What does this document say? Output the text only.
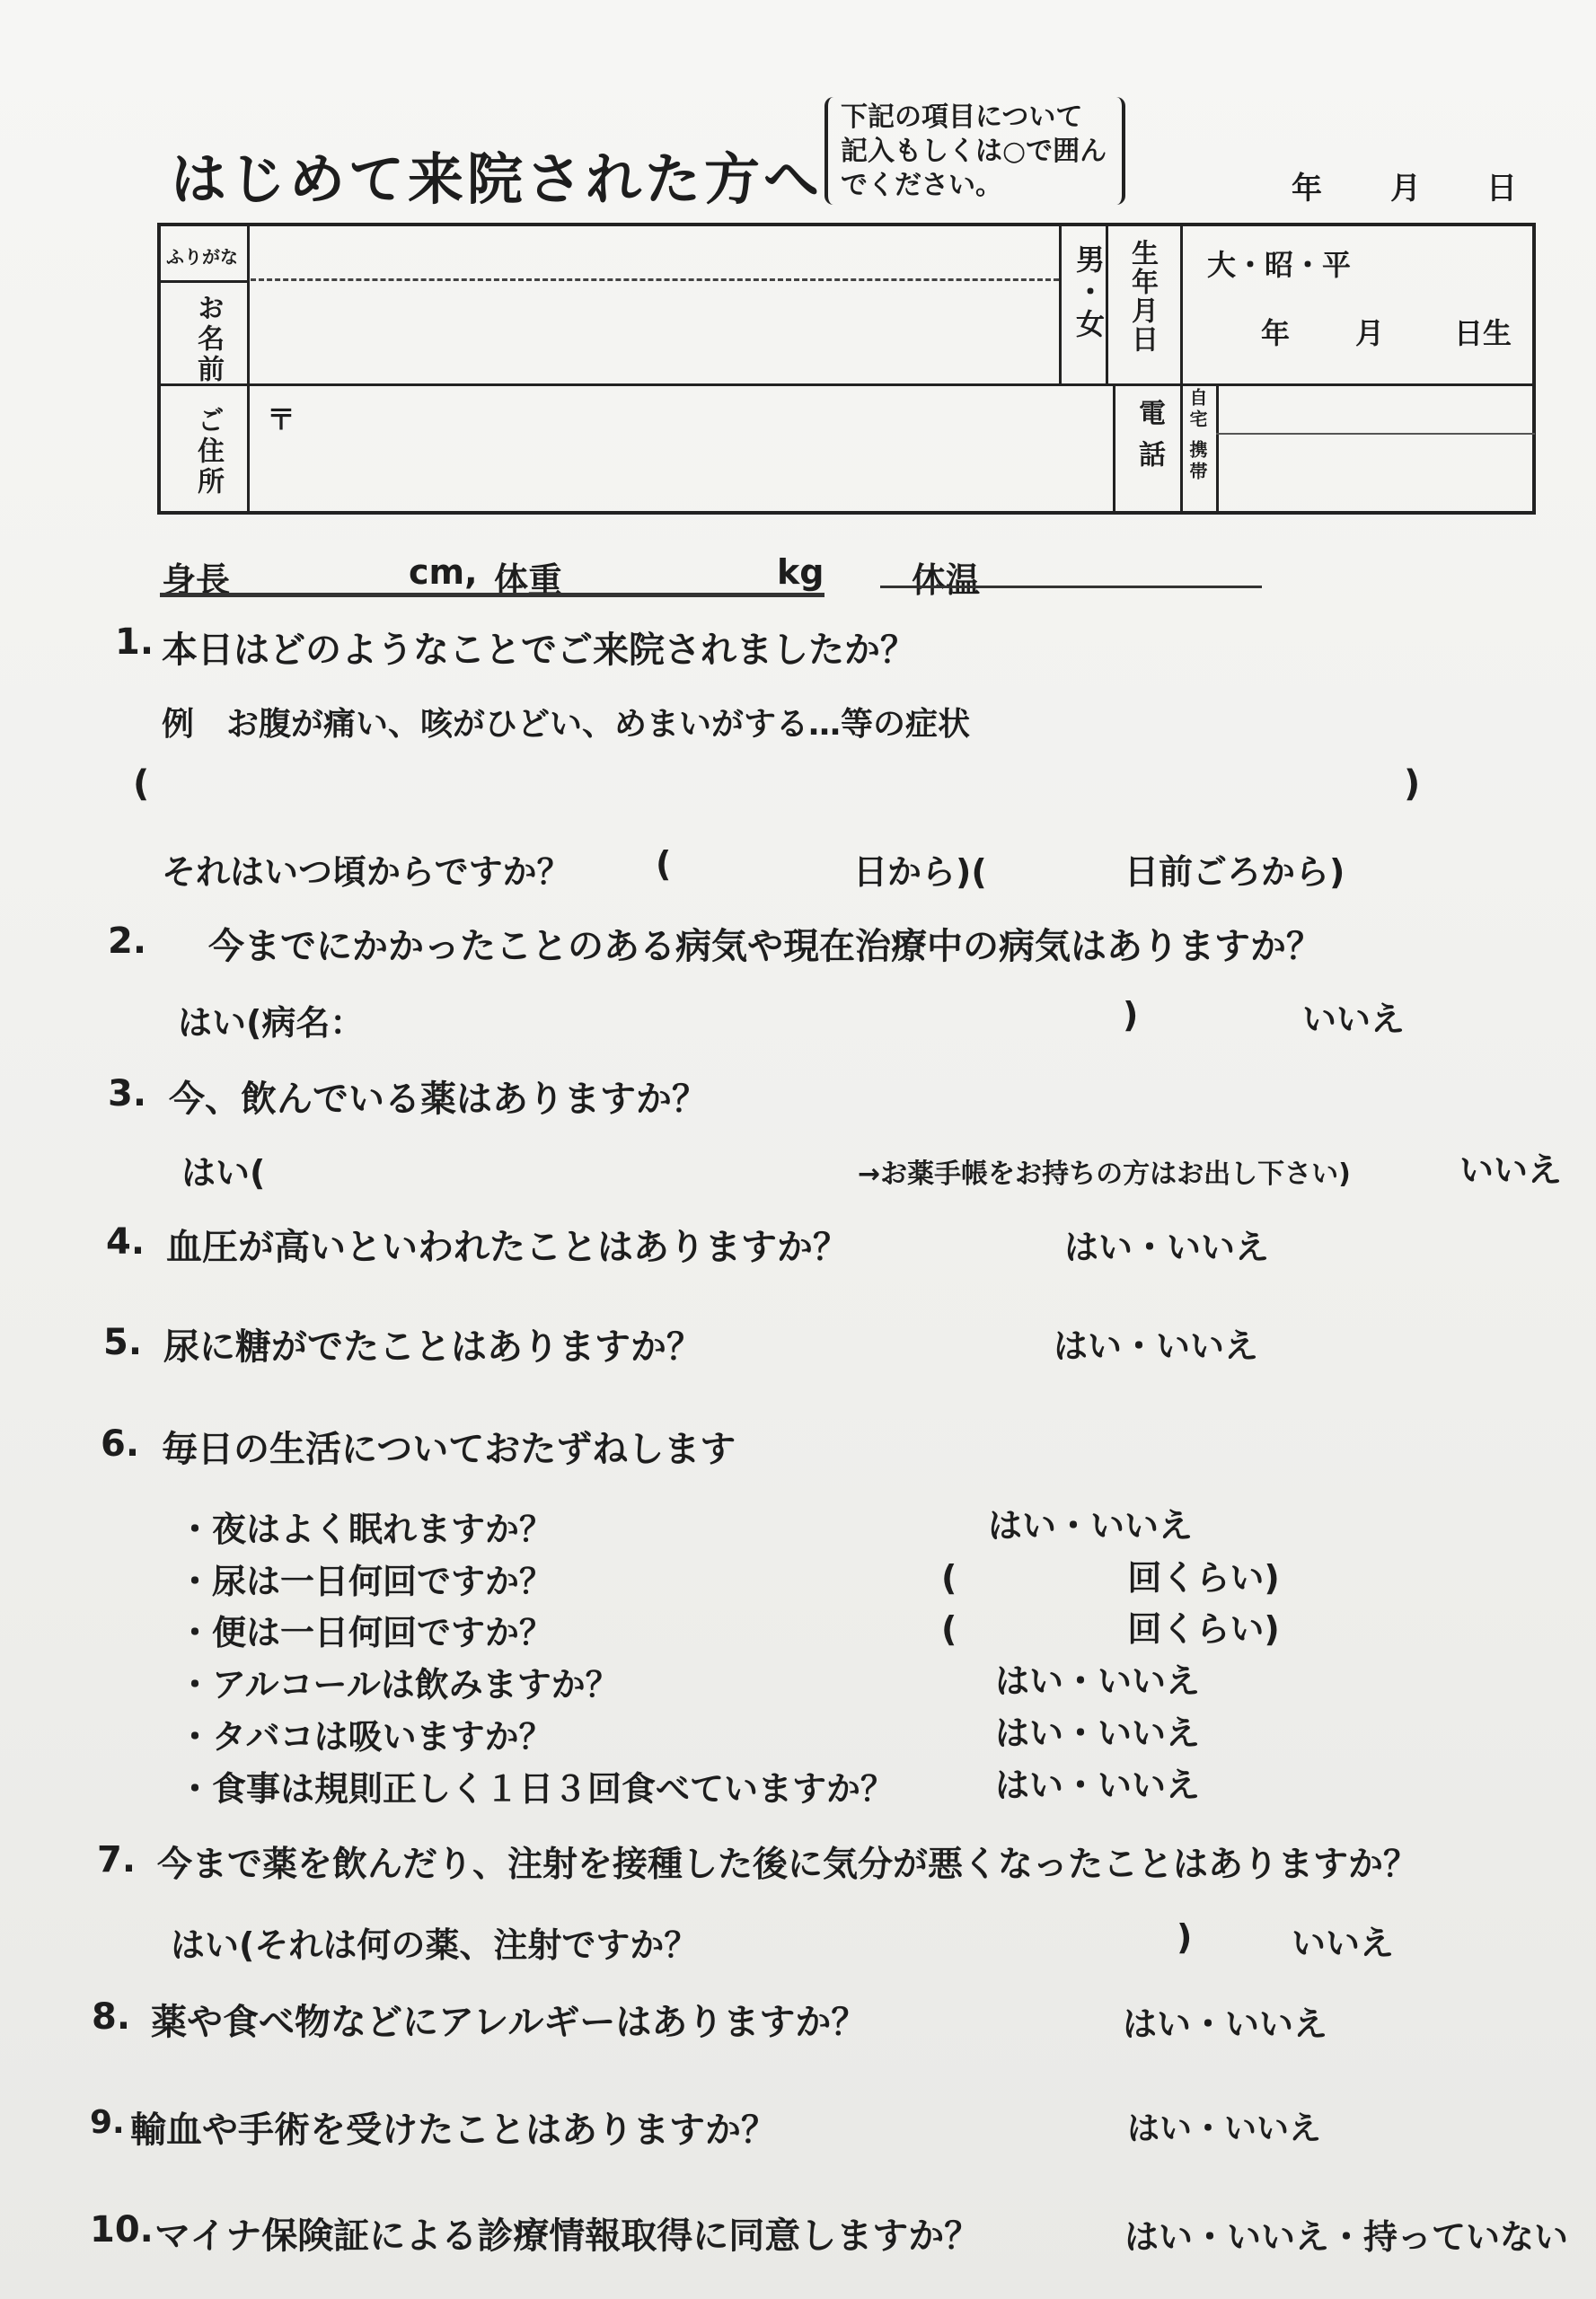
はじめて来院された方へ
下記の項目について記入もしくは○で囲んでください。	年 月 日
ふりがな
お名前	男・女 生年月日 大・昭・平
年 月 日生
ご住所 〒	電話 自宅
携帯
身長	cm, 体重	kg	体温
1. 本日はどのようなことでご来院されましたか？
例　お腹が痛い、咳がひどい、めまいがする…等の症状
(	)
それはいつ頃からですか？ (	日から)(	日前ごろから)
2. 今までにかかったことのある病気や現在治療中の病気はありますか？
はい(病名：	)	いいえ
3. 今、飲んでいる薬はありますか？
はい(	→お薬手帳をお持ちの方はお出し下さい)	いいえ
4. 血圧が高いといわれたことはありますか？	はい・いいえ
5. 尿に糖がでたことはありますか？	はい・いいえ
6. 毎日の生活についておたずねします
・夜はよく眠れますか？	はい・いいえ
・尿は一日何回ですか？	(　　　　　回くらい)
・便は一日何回ですか？	(　　　　　回くらい)
・アルコールは飲みますか？	はい・いいえ
・タバコは吸いますか？	はい・いいえ
・食事は規則正しく１日３回食べていますか？	はい・いいえ
7. 今まで薬を飲んだり、注射を接種した後に気分が悪くなったことはありますか？
はい(それは何の薬、注射ですか？	)	いいえ
8. 薬や食べ物などにアレルギーはありますか？	はい・いいえ
9. 輸血や手術を受けたことはありますか？	はい・いいえ
10. マイナ保険証による診療情報取得に同意しますか？	はい・いいえ・持っていない
